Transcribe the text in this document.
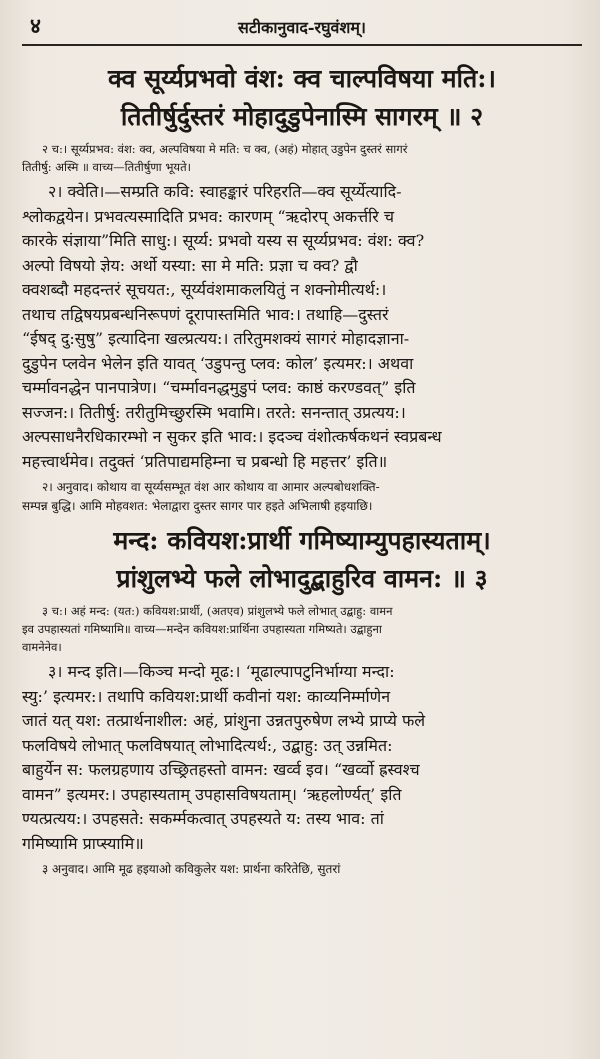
४	सटीकानुवाद-रघुवंशम्।
क्व सूर्य्यप्रभवो वंश: क्व चाल्पविषया मति:।
तितीर्षुर्दुस्तरं मोहादुडुपेनास्मि सागरम् ॥ २
२ च:। सूर्य्यप्रभव: वंश: क्व, अल्पविषया मे मति: च क्व, (अहं) मोहात् उडुपेन दुस्तरं सागरं
तितीर्षु: अस्मि ॥ वाच्य—तितीर्षुणा भूयते।
२। क्वेति।—सम्प्रति कवि: स्वाहङ्कारं परिहरति—क्व सूर्य्येत्यादि-
श्लोकद्वयेन। प्रभवत्यस्मादिति प्रभव: कारणम् “ऋदोरप् अकर्त्तरि च
कारके संज्ञाया”मिति साधु:। सूर्य्य: प्रभवो यस्य स सूर्य्यप्रभव: वंश: क्व?
अल्पो विषयो ज्ञेय: अर्थो यस्या: सा मे मति: प्रज्ञा च क्व? द्वौ
क्वशब्दौ महदन्तरं सूचयत:, सूर्य्यवंशमाकलयितुं न शक्नोमीत्यर्थ:।
तथाच तद्विषयप्रबन्धनिरूपणं दूरापास्तमिति भाव:। तथाहि—दुस्तरं
“ईषद् दु:सुषु” इत्यादिना खल्प्रत्यय:। तरितुमशक्यं सागरं मोहादज्ञाना-
दुडुपेन प्लवेन भेलेन इति यावत् ‘उडुपन्तु प्लव: कोल’ इत्यमर:। अथवा
चर्म्मावनद्धेन पानपात्रेण। “चर्म्मावनद्धमुडुपं प्लव: काष्ठं करण्डवत्” इति
सज्जन:। तितीर्षु: तरीतुमिच्छुरस्मि भवामि। तरते: सनन्तात् उप्रत्यय:।
अल्पसाधनैरधिकारम्भो न सुकर इति भाव:। इदञ्च वंशोत्कर्षकथनं स्वप्रबन्ध
महत्त्वार्थमेव। तदुक्तं ‘प्रतिपाद्यमहिम्ना च प्रबन्धो हि महत्तर’ इति॥
२। अनुवाद। कोथाय वा सूर्य्यसम्भूत वंश आर कोथाय वा आमार अल्पबोधशक्ति-
सम्पन्न बुद्धि। आमि मोहवशत: भेलाद्वारा दुस्तर सागर पार हइते अभिलाषी हइयाछि।
मन्द: कवियश:प्रार्थी गमिष्याम्युपहास्यताम्।
प्रांशुलभ्ये फले लोभादुद्बाहुरिव वामन: ॥ ३
३ च:। अहं मन्द: (यत:) कवियश:प्रार्थी, (अतएव) प्रांशुलभ्ये फले लोभात् उद्बाहु: वामन
इव उपहास्यतां गमिष्यामि॥ वाच्य—मन्देन कवियश:प्रार्थिना उपहास्यता गमिष्यते। उद्बाहुना
वामनेनेव।
३। मन्द इति।—किञ्च मन्दो मूढ:। ‘मूढाल्पापटुनिर्भाग्या मन्दा:
स्यु:’ इत्यमर:। तथापि कवियश:प्रार्थी कवीनां यश: काव्यनिर्म्माणेन
जातं यत् यश: तत्प्रार्थनाशील: अहं, प्रांशुना उन्नतपुरुषेण लभ्ये प्राप्ये फले
फलविषये लोभात् फलविषयात् लोभादित्यर्थ:, उद्बाहु: उत् उन्नमित:
बाहुर्येन स: फलग्रहणाय उच्छ्रितहस्तो वामन: खर्व्व इव। “खर्व्वो ह्रस्वश्च
वामन” इत्यमर:। उपहास्यताम् उपहासविषयताम्। ‘ऋहलोर्ण्यत्’ इति
ण्यत्प्रत्यय:। उपहसते: सकर्म्मकत्वात् उपहस्यते य: तस्य भाव: तां
गमिष्यामि प्राप्स्यामि॥
३ अनुवाद। आमि मूढ हइयाओ कविकुलेर यश: प्रार्थना करितेछि, सुतरां
